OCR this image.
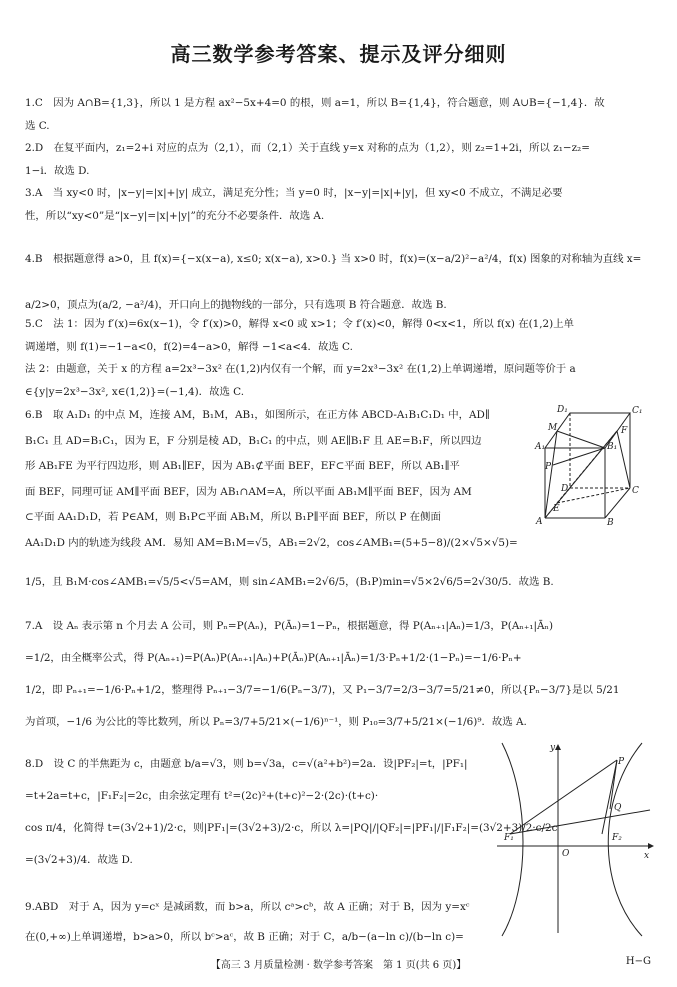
高三数学参考答案、提示及评分细则
1.C　因为 A∩B={1,3}，所以 1 是方程 ax²−5x+4=0 的根，则 a=1，所以 B={1,4}，符合题意，则 A∪B={−1,4}．故
选 C.
2.D　在复平面内，z₁=2+i 对应的点为（2,1），而（2,1）关于直线 y=x 对称的点为（1,2），则 z₂=1+2i，所以 z₁−z₂=
1−i．故选 D.
3.A　当 xy<0 时，|x−y|=|x|+|y| 成立，满足充分性；当 y=0 时，|x−y|=|x|+|y|，但 xy<0 不成立，不满足必要
性，所以“xy<0”是“|x−y|=|x|+|y|”的充分不必要条件．故选 A.
4.B　根据题意得 a>0，且 f(x)={−x(x−a), x≤0; x(x−a), x>0.} 当 x>0 时，f(x)=(x−a/2)²−a²/4，f(x) 图象的对称轴为直线 x=
a/2>0，顶点为(a/2, −a²/4)，开口向上的抛物线的一部分，只有选项 B 符合题意．故选 B.
5.C　法 1：因为 f′(x)=6x(x−1)，令 f′(x)>0，解得 x<0 或 x>1；令 f′(x)<0，解得 0<x<1，所以 f(x) 在(1,2)上单
调递增，则 f(1)=−1−a<0，f(2)=4−a>0，解得 −1<a<4．故选 C.
法 2：由题意，关于 x 的方程 a=2x³−3x² 在(1,2)内仅有一个解，而 y=2x³−3x² 在(1,2)上单调递增，原问题等价于 a
∈{y|y=2x³−3x², x∈(1,2)}=(−1,4)．故选 C.
6.B　取 A₁D₁ 的中点 M，连接 AM，B₁M，AB₁，如图所示，在正方体 ABCD-A₁B₁C₁D₁ 中，AD∥
B₁C₁ 且 AD=B₁C₁，因为 E，F 分别是棱 AD，B₁C₁ 的中点，则 AE∥B₁F 且 AE=B₁F，所以四边
形 AB₁FE 为平行四边形，则 AB₁∥EF，因为 AB₁⊄平面 BEF，EF⊂平面 BEF，所以 AB₁∥平
面 BEF，同理可证 AM∥平面 BEF，因为 AB₁∩AM=A，所以平面 AB₁M∥平面 BEF，因为 AM
⊂平面 AA₁D₁D，若 P∈AM，则 B₁P⊂平面 AB₁M，所以 B₁P∥平面 BEF，所以 P 在侧面
AA₁D₁D 内的轨迹为线段 AM．易知 AM=B₁M=√5，AB₁=2√2，cos∠AMB₁=(5+5−8)/(2×√5×√5)=
1/5，且 B₁M·cos∠AMB₁=√5/5<√5=AM，则 sin∠AMB₁=2√6/5，(B₁P)min=√5×2√6/5=2√30/5．故选 B.
7.A　设 Aₙ 表示第 n 个月去 A 公司，则 Pₙ=P(Aₙ)，P(Āₙ)=1−Pₙ，根据题意，得 P(Aₙ₊₁|Aₙ)=1/3，P(Aₙ₊₁|Āₙ)
=1/2，由全概率公式，得 P(Aₙ₊₁)=P(Aₙ)P(Aₙ₊₁|Aₙ)+P(Āₙ)P(Aₙ₊₁|Āₙ)=1/3·Pₙ+1/2·(1−Pₙ)=−1/6·Pₙ+
1/2，即 Pₙ₊₁=−1/6·Pₙ+1/2，整理得 Pₙ₊₁−3/7=−1/6(Pₙ−3/7)，又 P₁−3/7=2/3−3/7=5/21≠0，所以{Pₙ−3/7}是以 5/21
为首项，−1/6 为公比的等比数列，所以 Pₙ=3/7+5/21×(−1/6)ⁿ⁻¹，则 P₁₀=3/7+5/21×(−1/6)⁹．故选 A.
8.D　设 C 的半焦距为 c，由题意 b/a=√3，则 b=√3a，c=√(a²+b²)=2a．设|PF₂|=t，|PF₁|
=t+2a=t+c，|F₁F₂|=2c，由余弦定理有 t²=(2c)²+(t+c)²−2·(2c)·(t+c)·
cos π/4，化简得 t=(3√2+1)/2·c，则|PF₁|=(3√2+3)/2·c，所以 λ=|PQ|/|QF₂|=|PF₁|/|F₁F₂|=(3√2+3)/2·c/2c
=(3√2+3)/4．故选 D.
9.ABD　对于 A，因为 y=cˣ 是减函数，而 b>a，所以 cᵃ>cᵇ，故 A 正确；对于 B，因为 y=xᶜ
在(0,+∞)上单调递增，b>a>0，所以 bᶜ>aᶜ，故 B 正确；对于 C，a/b−(a−ln c)/(b−ln c)=
D₁	C₁
A₁	B₁
F
M
P
C
D
E
A	B
y
P
Q
F₁	F₂
O	x
【高三 3 月质量检测 · 数学参考答案　第 1 页(共 6 页)】	H−G
